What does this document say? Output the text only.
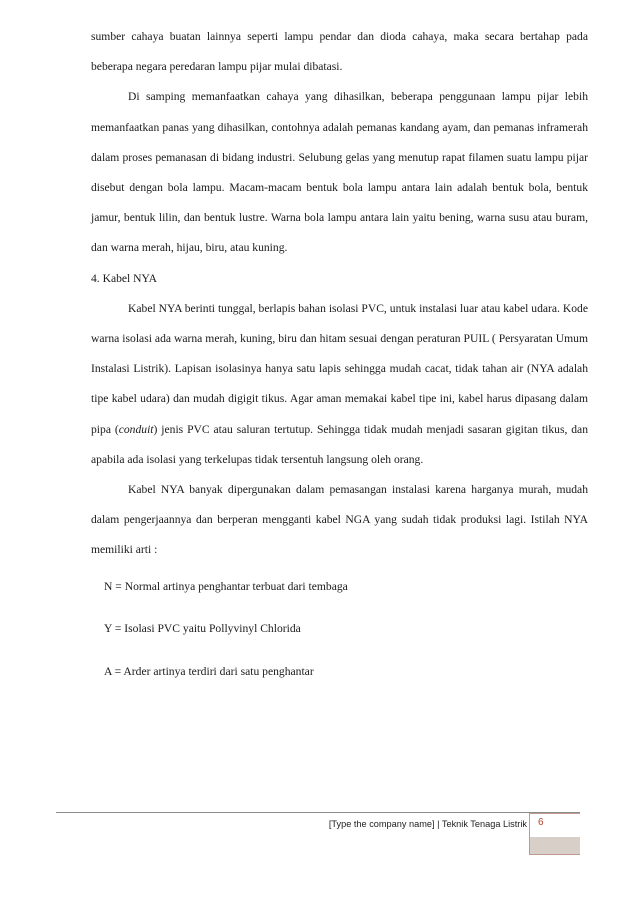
sumber cahaya buatan lainnya seperti lampu pendar dan dioda cahaya, maka secara bertahap pada beberapa negara peredaran lampu pijar mulai dibatasi.

Di samping memanfaatkan cahaya yang dihasilkan, beberapa penggunaan lampu pijar lebih memanfaatkan panas yang dihasilkan, contohnya adalah pemanas kandang ayam, dan pemanas inframerah dalam proses pemanasan di bidang industri. Selubung gelas yang menutup rapat filamen suatu lampu pijar disebut dengan bola lampu. Macam-macam bentuk bola lampu antara lain adalah bentuk bola, bentuk jamur, bentuk lilin, dan bentuk lustre. Warna bola lampu antara lain yaitu bening, warna susu atau buram, dan warna merah, hijau, biru, atau kuning.

4. Kabel NYA

Kabel NYA berinti tunggal, berlapis bahan isolasi PVC, untuk instalasi luar atau kabel udara. Kode warna isolasi ada warna merah, kuning, biru dan hitam sesuai dengan peraturan PUIL ( Persyaratan Umum Instalasi Listrik). Lapisan isolasinya hanya satu lapis sehingga mudah cacat, tidak tahan air (NYA adalah tipe kabel udara) dan mudah digigit tikus. Agar aman memakai kabel tipe ini, kabel harus dipasang dalam pipa (conduit) jenis PVC atau saluran tertutup. Sehingga tidak mudah menjadi sasaran gigitan tikus, dan apabila ada isolasi yang terkelupas tidak tersentuh langsung oleh orang.

Kabel NYA banyak dipergunakan dalam pemasangan instalasi karena harganya murah, mudah dalam pengerjaannya dan berperan mengganti kabel NGA yang sudah tidak produksi lagi. Istilah NYA memiliki arti :

N = Normal artinya penghantar terbuat dari tembaga

Y = Isolasi PVC yaitu Pollyvinyl Chlorida

A = Arder artinya terdiri dari satu penghantar

[Type the company name] | Teknik Tenaga Listrik 6
